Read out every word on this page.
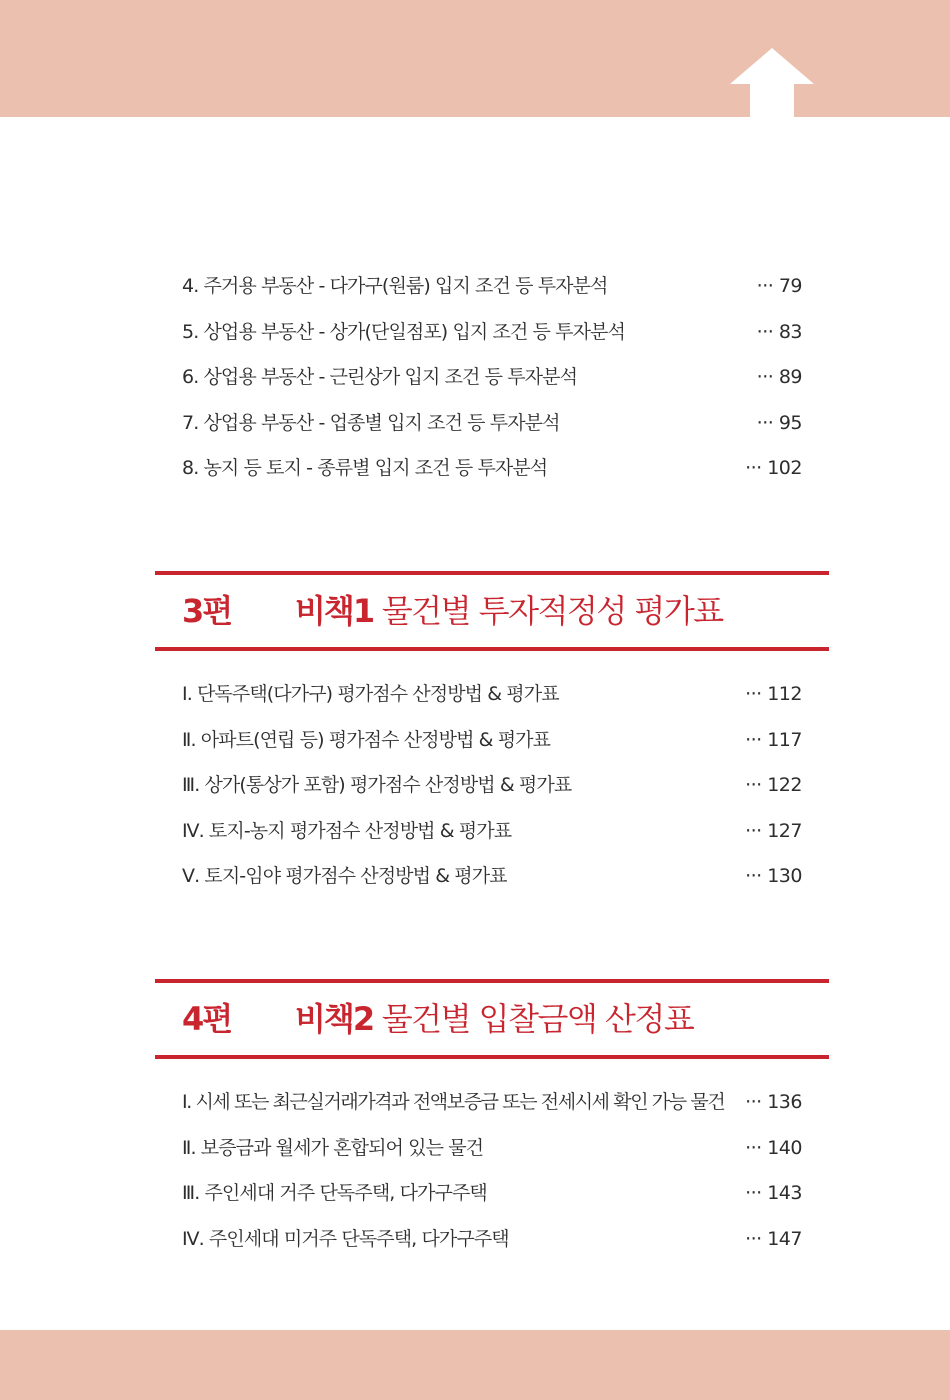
4. 주거용 부동산 - 다가구(원룸) 입지 조건 등 투자분석	··· 79
5. 상업용 부동산 - 상가(단일점포) 입지 조건 등 투자분석	··· 83
6. 상업용 부동산 - 근린상가 입지 조건 등 투자분석	··· 89
7. 상업용 부동산 - 업종별 입지 조건 등 투자분석	··· 95
8. 농지 등 토지 - 종류별 입지 조건 등 투자분석	··· 102
3편 비책1 물건별 투자적정성 평가표
Ⅰ. 단독주택(다가구) 평가점수 산정방법 & 평가표	··· 112
Ⅱ. 아파트(연립 등) 평가점수 산정방법 & 평가표	··· 117
Ⅲ. 상가(통상가 포함) 평가점수 산정방법 & 평가표	··· 122
Ⅳ. 토지-농지 평가점수 산정방법 & 평가표	··· 127
Ⅴ. 토지-임야 평가점수 산정방법 & 평가표	··· 130
4편 비책2 물건별 입찰금액 산정표
Ⅰ. 시세 또는 최근실거래가격과 전액보증금 또는 전세시세 확인 가능 물건 ··· 136
Ⅱ. 보증금과 월세가 혼합되어 있는 물건	··· 140
Ⅲ. 주인세대 거주 단독주택, 다가구주택	··· 143
Ⅳ. 주인세대 미거주 단독주택, 다가구주택	··· 147
